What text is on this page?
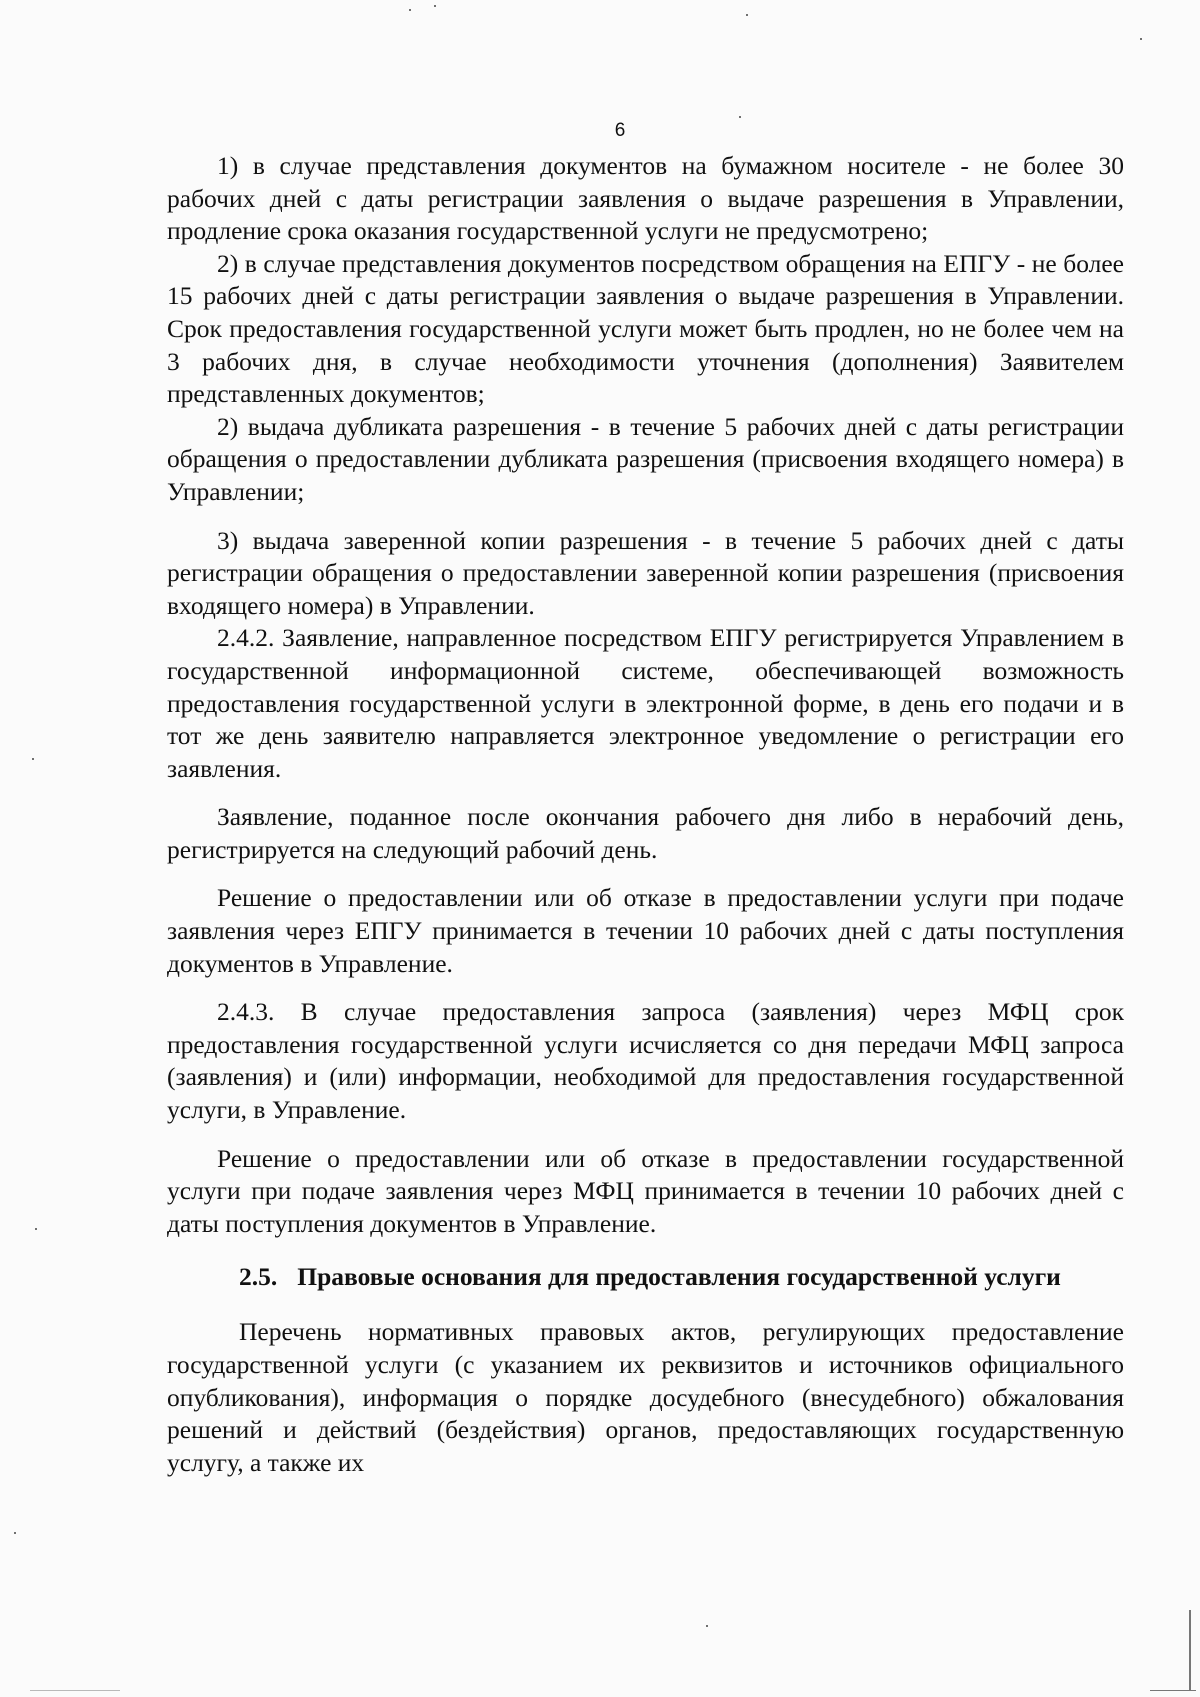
6

1) в случае представления документов на бумажном носителе - не более 30 рабочих дней с даты регистрации заявления о выдаче разрешения в Управлении, продление срока оказания государственной услуги не предусмотрено;

2) в случае представления документов посредством обращения на ЕПГУ - не более 15 рабочих дней с даты регистрации заявления о выдаче разрешения в Управлении. Срок предоставления государственной услуги может быть продлен, но не более чем на 3 рабочих дня, в случае необходимости уточнения (дополнения) Заявителем представленных документов;

2) выдача дубликата разрешения - в течение 5 рабочих дней с даты регистрации обращения о предоставлении дубликата разрешения (присвоения входящего номера) в Управлении;

3) выдача заверенной копии разрешения - в течение 5 рабочих дней с даты регистрации обращения о предоставлении заверенной копии разрешения (присвоения входящего номера) в Управлении.

2.4.2. Заявление, направленное посредством ЕПГУ регистрируется Управлением в государственной информационной системе, обеспечивающей возможность предоставления государственной услуги в электронной форме, в день его подачи и в тот же день заявителю направляется электронное уведомление о регистрации его заявления.

Заявление, поданное после окончания рабочего дня либо в нерабочий день, регистрируется на следующий рабочий день.

Решение о предоставлении или об отказе в предоставлении услуги при подаче заявления через ЕПГУ принимается в течении 10 рабочих дней с даты поступления документов в Управление.

2.4.3. В случае предоставления запроса (заявления) через МФЦ срок предоставления государственной услуги исчисляется со дня передачи МФЦ запроса (заявления) и (или) информации, необходимой для предоставления государственной услуги, в Управление.

Решение о предоставлении или об отказе в предоставлении государственной услуги при подаче заявления через МФЦ принимается в течении 10 рабочих дней с даты поступления документов в Управление.

2.5. Правовые основания для предоставления государственной услуги

Перечень нормативных правовых актов, регулирующих предоставление государственной услуги (с указанием их реквизитов и источников официального опубликования), информация о порядке досудебного (внесудебного) обжалования решений и действий (бездействия) органов, предоставляющих государственную услугу, а также их
